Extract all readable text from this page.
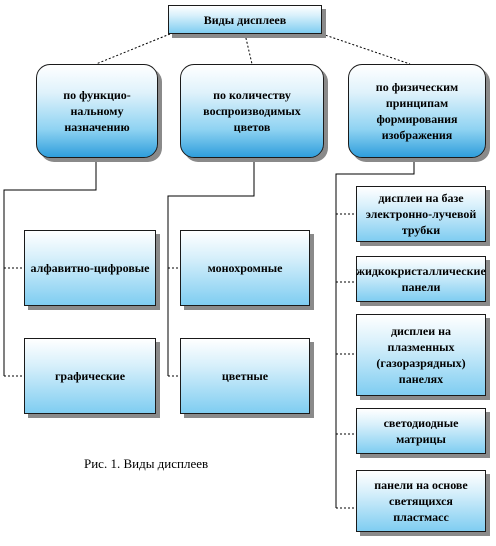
Виды дисплеев
по функцио-нальному назначению
по количеству воспроизводимых цветов
по физическим принципам формирования изображения
алфавитно-цифровые
графические
монохромные
цветные
дисплеи на базе электронно-лучевой трубки
жидкокристаллические панели
дисплеи на плазменных (газоразрядных) панелях
светодиодные матрицы
панели на основе светящихся пластмасс
Рис. 1. Виды дисплеев
